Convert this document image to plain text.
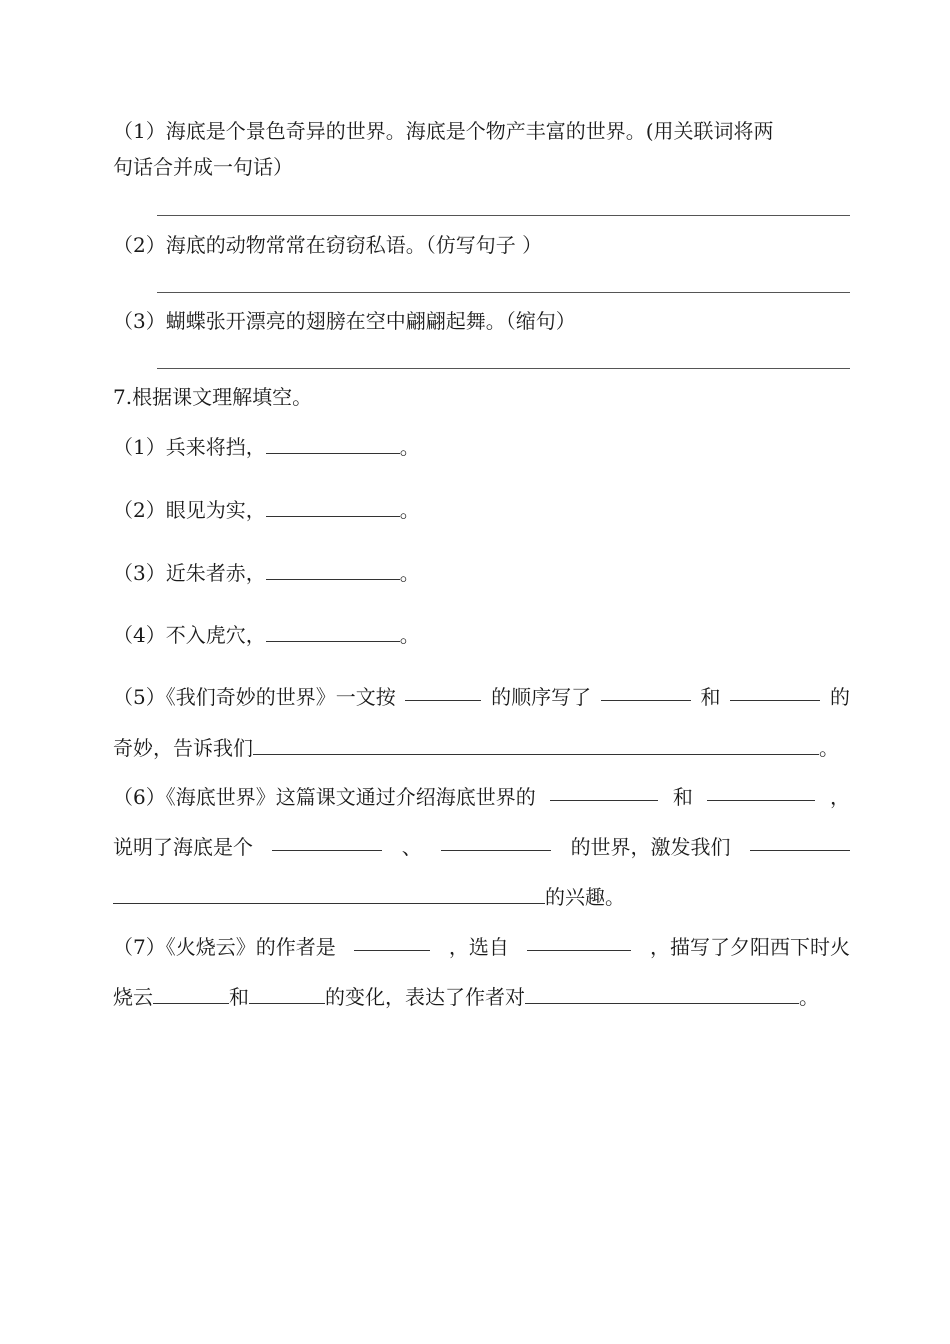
（1）海底是个景色奇异的世界。海底是个物产丰富的世界。(用关联词将两
句话合并成一句话）
（2）海底的动物常常在窃窃私语。（仿写句子 ）
（3）蝴蝶张开漂亮的翅膀在空中翩翩起舞。（缩句）
7.根据课文理解填空。
（1）兵来将挡，	。
（2）眼见为实，	。
（3）近朱者赤，	。
（4）不入虎穴，	。
（5）《我们奇妙的世界》一文按	的顺序写了	和	的
奇妙，告诉我们	。
（6）《海底世界》这篇课文通过介绍海底世界的	和	，
说明了海底是个	、	的世界，激发我们
的兴趣。
（7）《火烧云》的作者是	，选自	，描写了夕阳西下时火
烧云	和	的变化，表达了作者对	。
